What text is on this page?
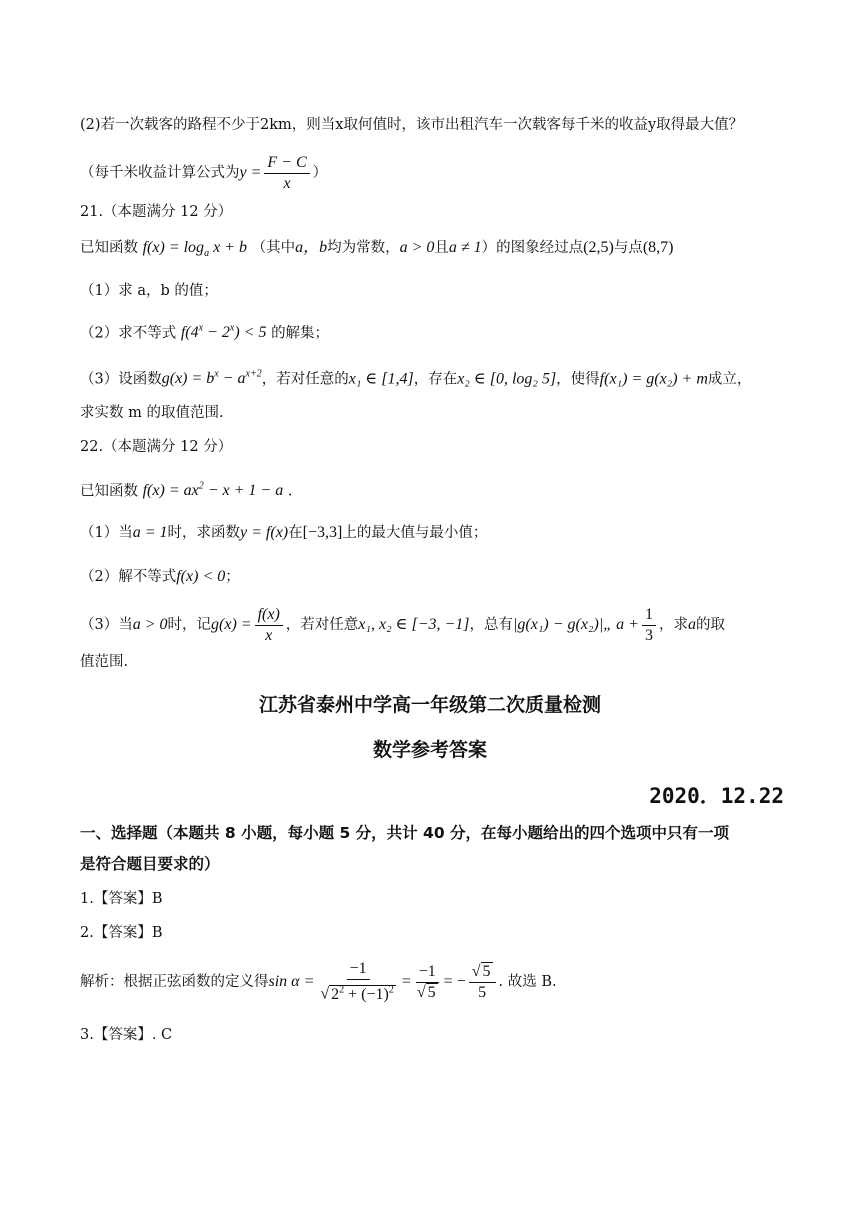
(2)若一次载客的路程不少于2km，则当x取何值时，该市出租汽车一次载客每千米的收益y取得最大值？
（每千米收益计算公式为 $y = \frac{F - C}{x}$ ）
21.（本题满分 12 分）
已知函数 $f(x) = \log_a x + b$ （其中a，b均为常数，a > 0且a ≠ 1）的图象经过点(2,5)与点(8,7)
（1）求 a，b 的值；
（2）求不等式 $f(4^x - 2^x) < 5$ 的解集；
（3）设函数$g(x) = b^x - a^{x+2}$，若对任意的x₁ ∈ [1,4]，存在x₂ ∈ [0, log₂ 5]，使得f(x₁) = g(x₂) + m成立，
求实数 m 的取值范围.
22.（本题满分 12 分）
已知函数 $f(x) = ax^2 - x + 1 - a$ .
（1）当a = 1时，求函数y = f(x)在[−3,3]上的最大值与最小值；
（2）解不等式f(x) < 0；
（3）当 a > 0 时，记 $g(x) = \frac{f(x)}{x}$ ，若对任意 x₁, x₂ ∈ [−3, −1] ，总有 |g(x₁) − g(x₂)|„ $a + \frac{1}{3}$ ，求 a 的取
值范围.
江苏省泰州中学高一年级第二次质量检测
数学参考答案
2020．12.22
一、选择题（本题共 8 小题，每小题 5 分，共计 40 分，在每小题给出的四个选项中只有一项
是符合题目要求的）
1.【答案】B
2.【答案】B
解析：根据正弦函数的定义得 $\sin \alpha = \frac{-1}{√ 2^2 + (-1)^2} = \frac{-1}{√ 5}$ = − $\frac{√ 5}{5}$ . 故选 B.
3.【答案】. C
